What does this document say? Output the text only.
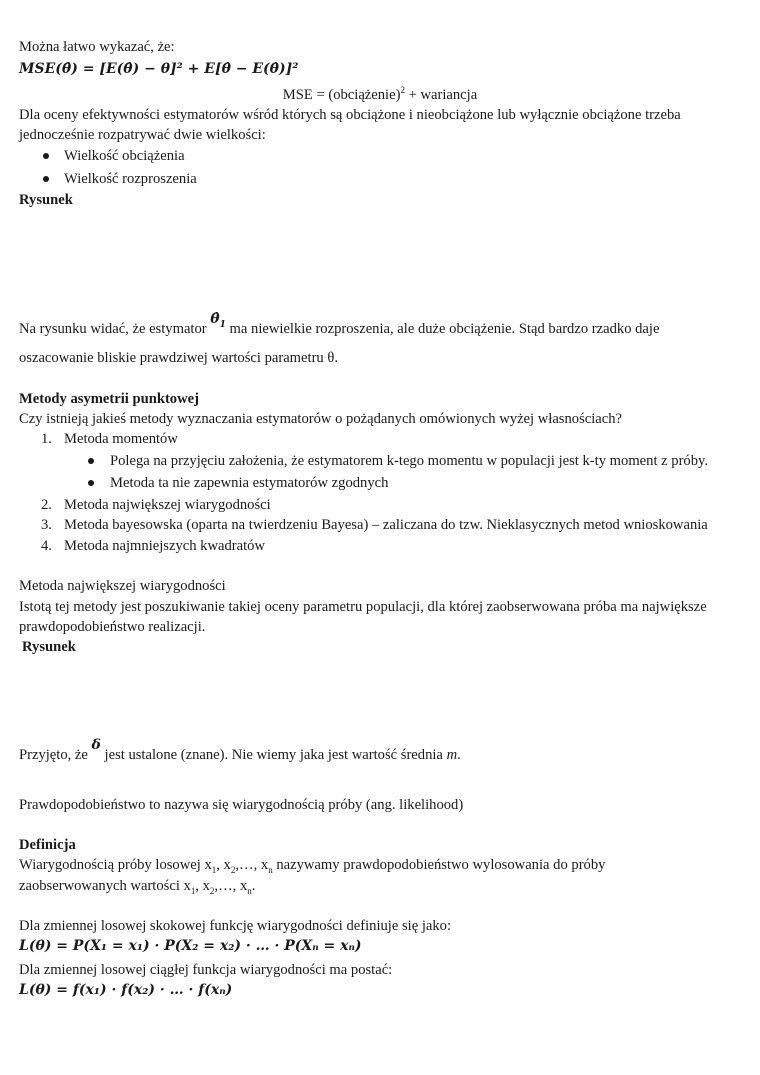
Można łatwo wykazać, że:
MSE(θ̂) = [E(θ̂) − θ]² + E[θ̂ − E(θ̂)]²
MSE = (obciążenie)$^2$ + wariancja
Dla oceny efektywności estymatorów wśród których są obciążone i nieobciążone lub wyłącznie obciążone trzeba
jednocześnie rozpatrywać dwie wielkości:
Wielkość obciążenia
Wielkość rozproszenia
Rysunek
Na rysunku widać, że estymator $\thetâ_1$ ma niewielkie rozproszenia, ale duże obciążenie. Stąd bardzo rzadko daje
oszacowanie bliskie prawdziwej wartości parametru θ.
Metody asymetrii punktowej
Czy istnieją jakieś metody wyznaczania estymatorów o pożądanych omówionych wyżej własnościach?
1. Metoda momentów
Polega na przyjęciu założenia, że estymatorem k-tego momentu w populacji jest k-ty moment z próby.
Metoda ta nie zapewnia estymatorów zgodnych
2. Metoda największej wiarygodności
3. Metoda bayesowska (oparta na twierdzeniu Bayesa) – zaliczana do tzw. Nieklasycznych metod wnioskowania
4. Metoda najmniejszych kwadratów
Metoda największej wiarygodności
Istotą tej metody jest poszukiwanie takiej oceny parametru populacji, dla której zaobserwowana próba ma największe
prawdopodobieństwo realizacji.
Rysunek
Przyjęto, że δ jest ustalone (znane). Nie wiemy jaka jest wartość średnia m.
Prawdopodobieństwo to nazywa się wiarygodnością próby (ang. likelihood)
Definicja
Wiarygodnością próby losowej $x_1$, $x_2,\dots$, $x_n$ nazywamy prawdopodobieństwo wylosowania do próby
zaobserwowanych wartości $x_1$, $x_2,\dots$, $x_n$.
Dla zmiennej losowej skokowej funkcję wiarygodności definiuje się jako:
L(θ) = P(X₁ = x₁) · P(X₂ = x₂) · … · P(Xₙ = xₙ)
Dla zmiennej losowej ciągłej funkcja wiarygodności ma postać:
L(θ) = f(x₁) · f(x₂) · … · f(xₙ)
